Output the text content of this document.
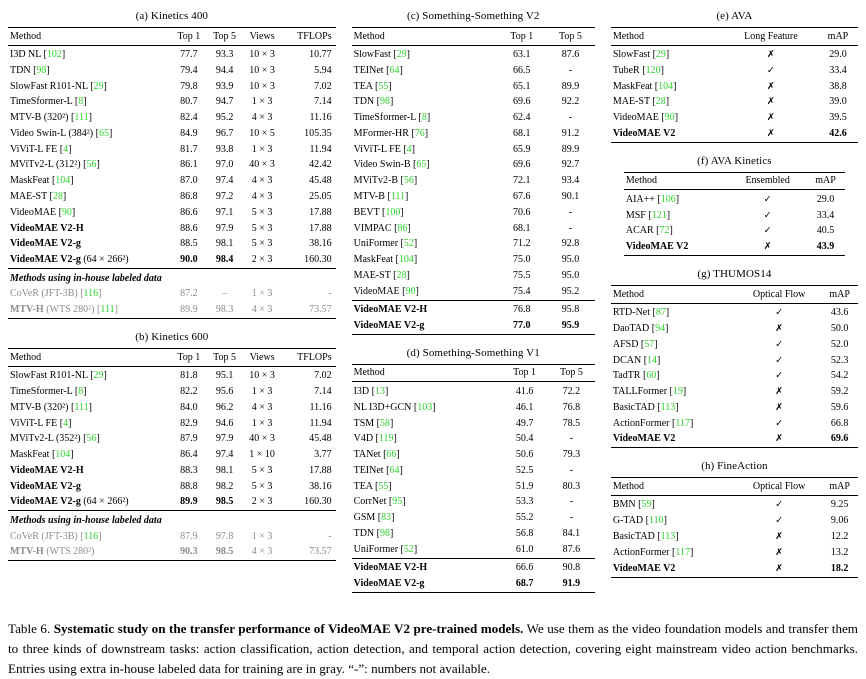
(a) Kinetics 400
Method	Top 1	Top 5	Views	TFLOPs
I3D NL [102]	77.7	93.3	10 × 3	10.77
TDN [98]	79.4	94.4	10 × 3	5.94
SlowFast R101-NL [29]	79.8	93.9	10 × 3	7.02
TimeSformer-L [8]	80.7	94.7	1 × 3	7.14
MTV-B (320²) [111]	82.4	95.2	4 × 3	11.16
Video Swin-L (384²) [65]	84.9	96.7	10 × 5	105.35
ViViT-L FE [4]	81.7	93.8	1 × 3	11.94
MViTv2-L (312²) [56]	86.1	97.0	40 × 3	42.42
MaskFeat [104]	87.0	97.4	4 × 3	45.48
MAE-ST [28]	86.8	97.2	4 × 3	25.05
VideoMAE [90]	86.6	97.1	5 × 3	17.88
VideoMAE V2-H	88.6	97.9	5 × 3	17.88
VideoMAE V2-g	88.5	98.1	5 × 3	38.16
VideoMAE V2-g (64 × 266²)	90.0	98.4	2 × 3	160.30
Methods using in-house labeled data				
CoVeR (JFT-3B) [116]	87.2	–	1 × 3	-
MTV-H (WTS 280²) [111]	89.9	98.3	4 × 3	73.57
(b) Kinetics 600
Method	Top 1	Top 5	Views	TFLOPs
SlowFast R101-NL [29]	81.8	95.1	10 × 3	7.02
TimeSformer-L [8]	82.2	95.6	1 × 3	7.14
MTV-B (320²) [111]	84.0	96.2	4 × 3	11.16
ViViT-L FE [4]	82.9	94.6	1 × 3	11.94
MViTv2-L (352²) [56]	87.9	97.9	40 × 3	45.48
MaskFeat [104]	86.4	97.4	1 × 10	3.77
VideoMAE V2-H	88.3	98.1	5 × 3	17.88
VideoMAE V2-g	88.8	98.2	5 × 3	38.16
VideoMAE V2-g (64 × 266²)	89.9	98.5	2 × 3	160.30
Methods using in-house labeled data				
CoVeR (JFT-3B) [116]	87.9	97.8	1 × 3	-
MTV-H (WTS 280²)	90.3	98.5	4 × 3	73.57
(c) Something-Something V2
Method	Top 1	Top 5
SlowFast [29]	63.1	87.6
TEINet [64]	66.5	-
TEA [55]	65.1	89.9
TDN [98]	69.6	92.2
TimeSformer-L [8]	62.4	-
MFormer-HR [76]	68.1	91.2
ViViT-L FE [4]	65.9	89.9
Video Swin-B [65]	69.6	92.7
MViTv2-B [56]	72.1	93.4
MTV-B [111]	67.6	90.1
BEVT [100]	70.6	-
VIMPAC [86]	68.1	-
UniFormer [52]	71.2	92.8
MaskFeat [104]	75.0	95.0
MAE-ST [28]	75.5	95.0
VideoMAE [90]	75.4	95.2
VideoMAE V2-H	76.8	95.8
VideoMAE V2-g	77.0	95.9
(d) Something-Something V1
Method	Top 1	Top 5
I3D [13]	41.6	72.2
NL I3D+GCN [103]	46.1	76.8
TSM [58]	49.7	78.5
V4D [119]	50.4	-
TANet [66]	50.6	79.3
TEINet [64]	52.5	-
TEA [55]	51.9	80.3
CorrNet [95]	53.3	-
GSM [83]	55.2	-
TDN [98]	56.8	84.1
UniFormer [52]	61.0	87.6
VideoMAE V2-H	66.6	90.8
VideoMAE V2-g	68.7	91.9
(e) AVA
Method	Long Feature	mAP
SlowFast [29]	✗	29.0
TubeR [120]	✓	33.4
MaskFeat [104]	✗	38.8
MAE-ST [28]	✗	39.0
VideoMAE [90]	✗	39.5
VideoMAE V2	✗	42.6
(f) AVA Kinetics
Method	Ensembled	mAP
AIA++ [106]	✓	29.0
MSF [121]	✓	33.4
ACAR [72]	✓	40.5
VideoMAE V2	✗	43.9
(g) THUMOS14
Method	Optical Flow	mAP
RTD-Net [87]	✓	43.6
DaoTAD [94]	✗	50.0
AFSD [57]	✓	52.0
DCAN [14]	✓	52.3
TadTR [60]	✓	54.2
TALLFormer [19]	✗	59.2
BasicTAD [113]	✗	59.6
ActionFormer [117]	✓	66.8
VideoMAE V2	✗	69.6
(h) FineAction
Method	Optical Flow	mAP
BMN [59]	✓	9.25
G-TAD [110]	✓	9.06
BasicTAD [113]	✗	12.2
ActionFormer [117]	✗	13.2
VideoMAE V2	✗	18.2
Table 6. Systematic study on the transfer performance of VideoMAE V2 pre-trained models. We use them as the video foundation models and transfer them to three kinds of downstream tasks: action classification, action detection, and temporal action detection, covering eight mainstream video action benchmarks. Entries using extra in-house labeled data for training are in gray. “-”: numbers not available.
